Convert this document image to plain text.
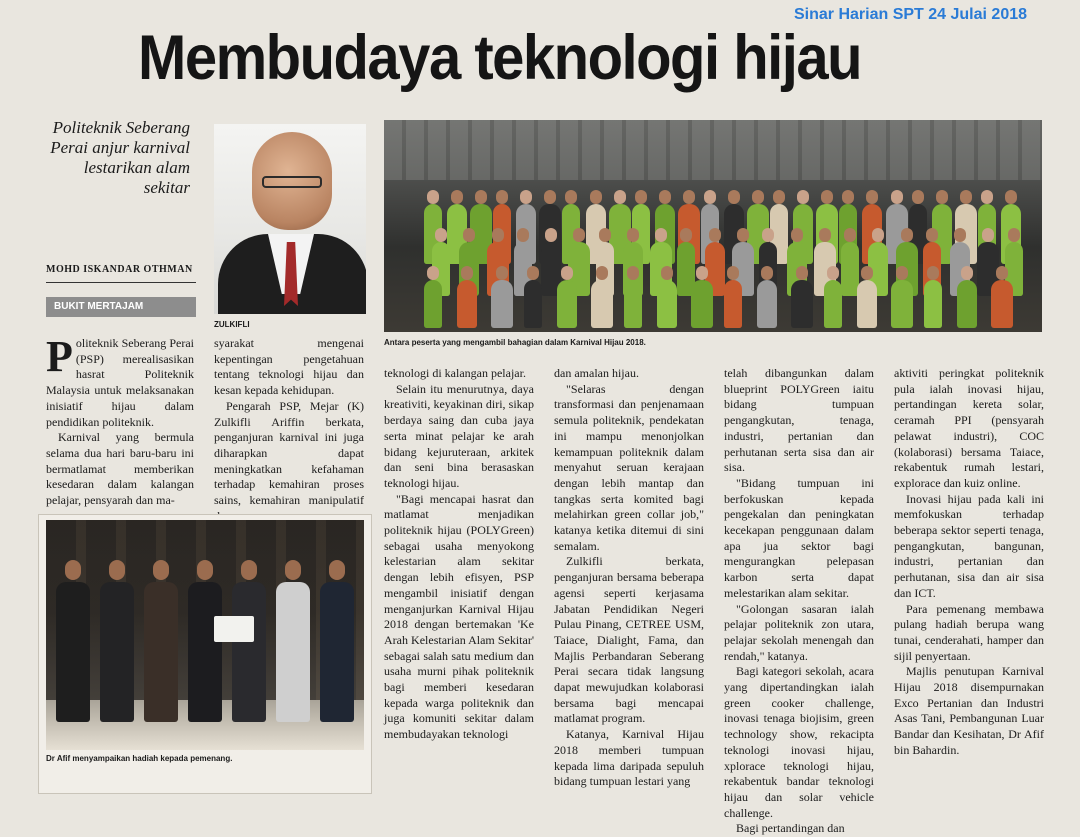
Sinar Harian SPT 24 Julai 2018
Membudaya teknologi hijau
Politeknik Seberang Perai anjur karnival lestarikan alam sekitar
MOHD ISKANDAR OTHMAN
BUKIT MERTAJAM
ZULKIFLI
Antara peserta yang mengambil bahagian dalam Karnival Hijau 2018.

Politeknik Seberang Perai (PSP) merealisasikan hasrat Politeknik Malaysia untuk melaksanakan inisiatif hijau dalam pendidikan politeknik.

Karnival yang bermula selama dua hari baru-baru ini bermatlamat memberikan kesedaran dalam kalangan pelajar, pensyarah dan ma-

syarakat mengenai kepentingan pengetahuan tentang teknologi hijau dan kesan kepada kehidupan.

Pengarah PSP, Mejar (K) Zulkifli Ariffin berkata, penganjuran karnival ini juga diharapkan dapat meningkatkan kefahaman terhadap kemahiran proses sains, kemahiran manipulatif

Dr Afif menyampaikan hadiah kepada pemenang.

teknologi di kalangan pelajar.

Selain itu menurutnya, daya kreativiti, keyakinan diri, sikap berdaya saing dan cuba jaya serta minat pelajar ke arah bidang kejuruteraan, arkitek dan seni bina berasaskan teknologi hijau.

"Bagi mencapai hasrat dan matlamat menjadikan politeknik hijau (POLYGreen) sebagai usaha menyokong kelestarian alam sekitar dengan lebih efisyen, PSP mengambil inisiatif dengan menganjurkan Karnival Hijau 2018 dengan bertemakan 'Ke Arah Kelestarian Alam Sekitar' sebagai salah satu medium dan usaha murni pihak politeknik bagi memberi kesedaran kepada warga politeknik dan juga komuniti sekitar dalam membudayakan teknologi

dan amalan hijau.

"Selaras dengan transformasi dan penjenamaan semula politeknik, pendekatan ini mampu menonjolkan kemampuan politeknik dalam menyahut seruan kerajaan dengan lebih mantap dan tangkas serta komited bagi melahirkan green collar job," katanya ketika ditemui di sini semalam.

Zulkifli berkata, penganjuran bersama beberapa agensi seperti kerjasama Jabatan Pendidikan Negeri Pulau Pinang, CETREE USM, Taiace, Dialight, Fama, dan Majlis Perbandaran Seberang Perai secara tidak langsung dapat mewujudkan kolaborasi bersama bagi mencapai matlamat program.

Katanya, Karnival Hijau 2018 memberi tumpuan kepada lima daripada sepuluh bidang tumpuan lestari yang

telah dibangunkan dalam blueprint POLYGreen iaitu bidang tumpuan pengangkutan, tenaga, industri, pertanian dan perhutanan serta sisa dan air sisa.

"Bidang tumpuan ini berfokuskan kepada pengekalan dan peningkatan kecekapan penggunaan dalam apa jua sektor bagi mengurangkan pelepasan karbon serta dapat melestarikan alam sekitar.

"Golongan sasaran ialah pelajar politeknik zon utara, pelajar sekolah menengah dan rendah," katanya.

Bagi kategori sekolah, acara yang dipertandingkan ialah green cooker challenge, inovasi tenaga biojisim, green technology show, rekacipta teknologi inovasi hijau, xplorace teknologi hijau, rekabentuk bandar teknologi hijau dan solar vehicle challenge.

Bagi pertandingan dan

aktiviti peringkat politeknik pula ialah inovasi hijau, pertandingan kereta solar, ceramah PPI (pensyarah pelawat industri), COC (kolaborasi) bersama Taiace, rekabentuk rumah lestari, explorace dan kuiz online.

Inovasi hijau pada kali ini memfokuskan terhadap beberapa sektor seperti tenaga, pengangkutan, bangunan, industri, pertanian dan perhutanan, sisa dan air sisa dan ICT.

Para pemenang membawa pulang hadiah berupa wang tunai, cenderahati, hamper dan sijil penyertaan.

Majlis penutupan Karnival Hijau 2018 disempurnakan Exco Pertanian dan Industri Asas Tani, Pembangunan Luar Bandar dan Kesihatan, Dr Afif bin Bahardin.
